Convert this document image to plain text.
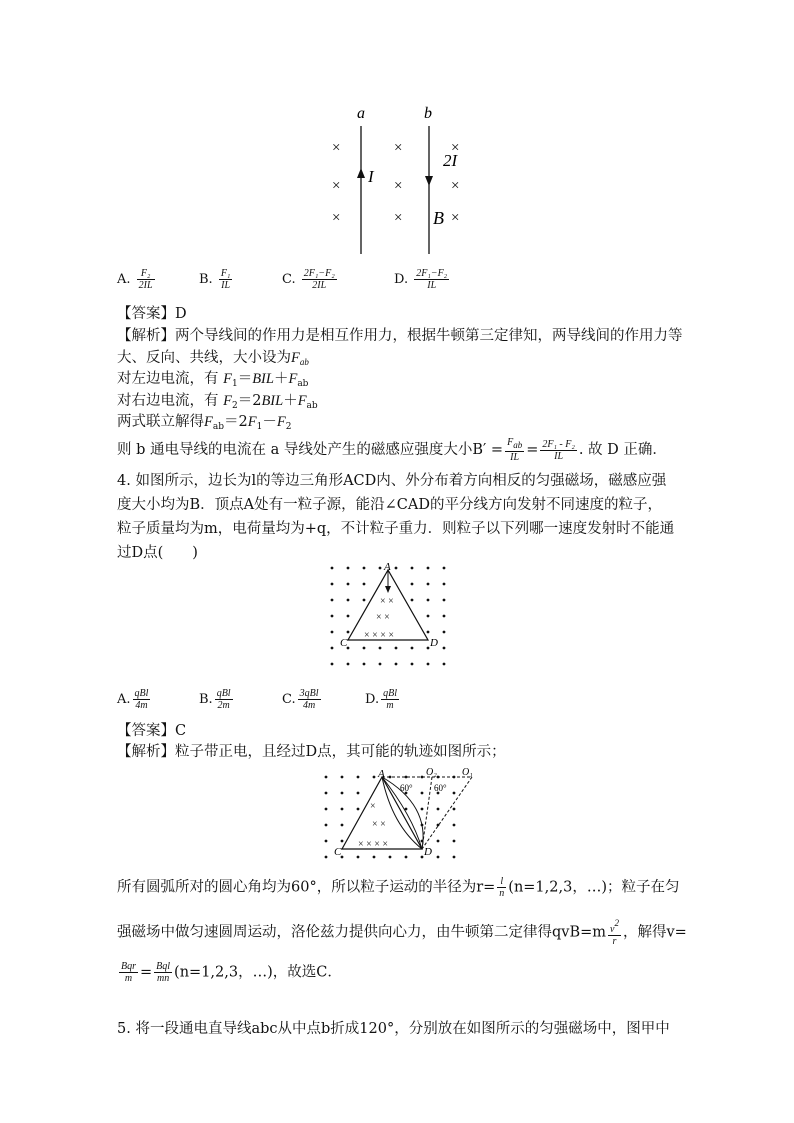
a	b
I
2I
B
×	×	×
×	×	×
×	×	×
A. $\frac{\text{F₂}}{2IL}$	B. $\frac{\text{F₁}}{IL}$	C. $\frac{\text{2F₁−F₂}}{2IL}$	D. $\frac{\text{2F₁−F₂}}{IL}$
【答案】D
【解析】两个导线间的作用力是相互作用力，根据牛顿第三定律知，两导线间的作用力等
大、反向、共线，大小设为$F_{ab}$
对左边电流，有 $F_1=BIL+F_{ab}$
对右边电流，有 $F_2=2BIL+F_{ab}$
两式联立解得$F_{ab}=2F_1-F_2$
则 b 通电导线的电流在 a 导线处产生的磁感应强度大小$B' = \frac{\text{Fab}}{IL} = \frac{\text{2F₁ - F₂}}{IL}$ . 故 D 正确．
4. 如图所示，边长为l的等边三角形ACD内、外分布着方向相反的匀强磁场，磁感应强
度大小均为B．顶点A处有一粒子源，能沿∠CAD的平分线方向发射不同速度的粒子，
粒子质量均为m，电荷量均为+q，不计粒子重力．则粒子以下列哪一速度发射时不能通
过D点(　　)
× ×
× ×
× × × ×
A
C	D
A. $\frac{\text{qBl}}{4m}$	B. $\frac{\text{qBl}}{2m}$	C. $\frac{\text{3qBl}}{4m}$	D. $\frac{\text{qBl}}{m}$
【答案】C
【解析】粒子带正电，且经过D点，其可能的轨迹如图所示；
×
× ×
× × × ×
A
C	D
O₂	O₁
60° 60°
所有圆弧所对的圆心角均为60°，所以粒子运动的半径为$r= \frac{l}{n} (n=1,2,3$，…)；粒子在匀
强磁场中做匀速圆周运动，洛伦兹力提供向心力，由牛顿第二定律得$qvB=m \frac{v2}{r}$ ，解得v=
$\frac{\text{Bqr}}{m} = \frac{\text{Bql}}{mn} (n=1,2,3$，…)，故选C．
5. 将一段通电直导线abc从中点b折成120°，分别放在如图所示的匀强磁场中，图甲中
